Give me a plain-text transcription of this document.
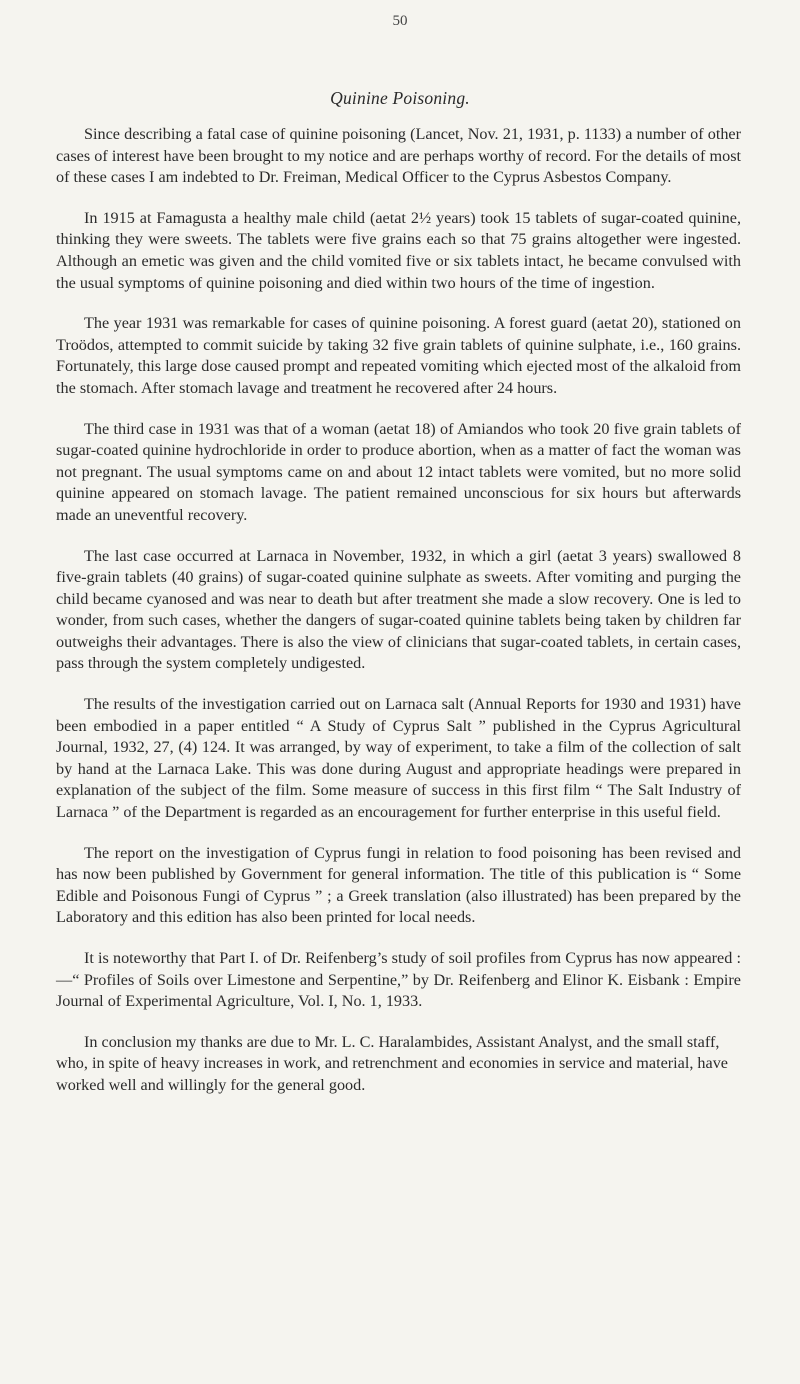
50
Quinine Poisoning.

Since describing a fatal case of quinine poisoning (Lancet, Nov. 21, 1931, p. 1133) a number of other cases of interest have been brought to my notice and are perhaps worthy of record. For the details of most of these cases I am indebted to Dr. Freiman, Medical Officer to the Cyprus Asbestos Company.

In 1915 at Famagusta a healthy male child (aetat 2½ years) took 15 tablets of sugar-coated quinine, thinking they were sweets. The tablets were five grains each so that 75 grains altogether were ingested. Although an emetic was given and the child vomited five or six tablets intact, he became convulsed with the usual symptoms of quinine poisoning and died within two hours of the time of ingestion.

The year 1931 was remarkable for cases of quinine poisoning. A forest guard (aetat 20), stationed on Troödos, attempted to commit suicide by taking 32 five grain tablets of quinine sulphate, i.e., 160 grains. Fortunately, this large dose caused prompt and repeated vomiting which ejected most of the alkaloid from the stomach. After stomach lavage and treatment he recovered after 24 hours.

The third case in 1931 was that of a woman (aetat 18) of Amiandos who took 20 five grain tablets of sugar-coated quinine hydrochloride in order to produce abortion, when as a matter of fact the woman was not pregnant. The usual symptoms came on and about 12 intact tablets were vomited, but no more solid quinine appeared on stomach lavage. The patient remained unconscious for six hours but afterwards made an uneventful recovery.

The last case occurred at Larnaca in November, 1932, in which a girl (aetat 3 years) swallowed 8 five-grain tablets (40 grains) of sugar-coated quinine sulphate as sweets. After vomiting and purging the child became cyanosed and was near to death but after treatment she made a slow recovery. One is led to wonder, from such cases, whether the dangers of sugar-coated quinine tablets being taken by children far outweighs their advantages. There is also the view of clinicians that sugar-coated tablets, in certain cases, pass through the system completely undigested.

The results of the investigation carried out on Larnaca salt (Annual Reports for 1930 and 1931) have been embodied in a paper entitled “ A Study of Cyprus Salt ” published in the Cyprus Agricultural Journal, 1932, 27, (4) 124. It was arranged, by way of experiment, to take a film of the collection of salt by hand at the Larnaca Lake. This was done during August and appropriate headings were prepared in explanation of the subject of the film. Some measure of success in this first film “ The Salt Industry of Larnaca ” of the Department is regarded as an encouragement for further enterprise in this useful field.

The report on the investigation of Cyprus fungi in relation to food poisoning has been revised and has now been published by Government for general information. The title of this publication is “ Some Edible and Poisonous Fungi of Cyprus ” ; a Greek translation (also illustrated) has been prepared by the Laboratory and this edition has also been printed for local needs.

It is noteworthy that Part I. of Dr. Reifenberg’s study of soil profiles from Cyprus has now appeared :—“ Profiles of Soils over Limestone and Serpentine,” by Dr. Reifenberg and Elinor K. Eisbank : Empire Journal of Experimental Agriculture, Vol. I, No. 1, 1933.

In conclusion my thanks are due to Mr. L. C. Haralambides, Assistant Analyst, and the small staff, who, in spite of heavy increases in work, and retrenchment and economies in service and material, have worked well and willingly for the general good.
